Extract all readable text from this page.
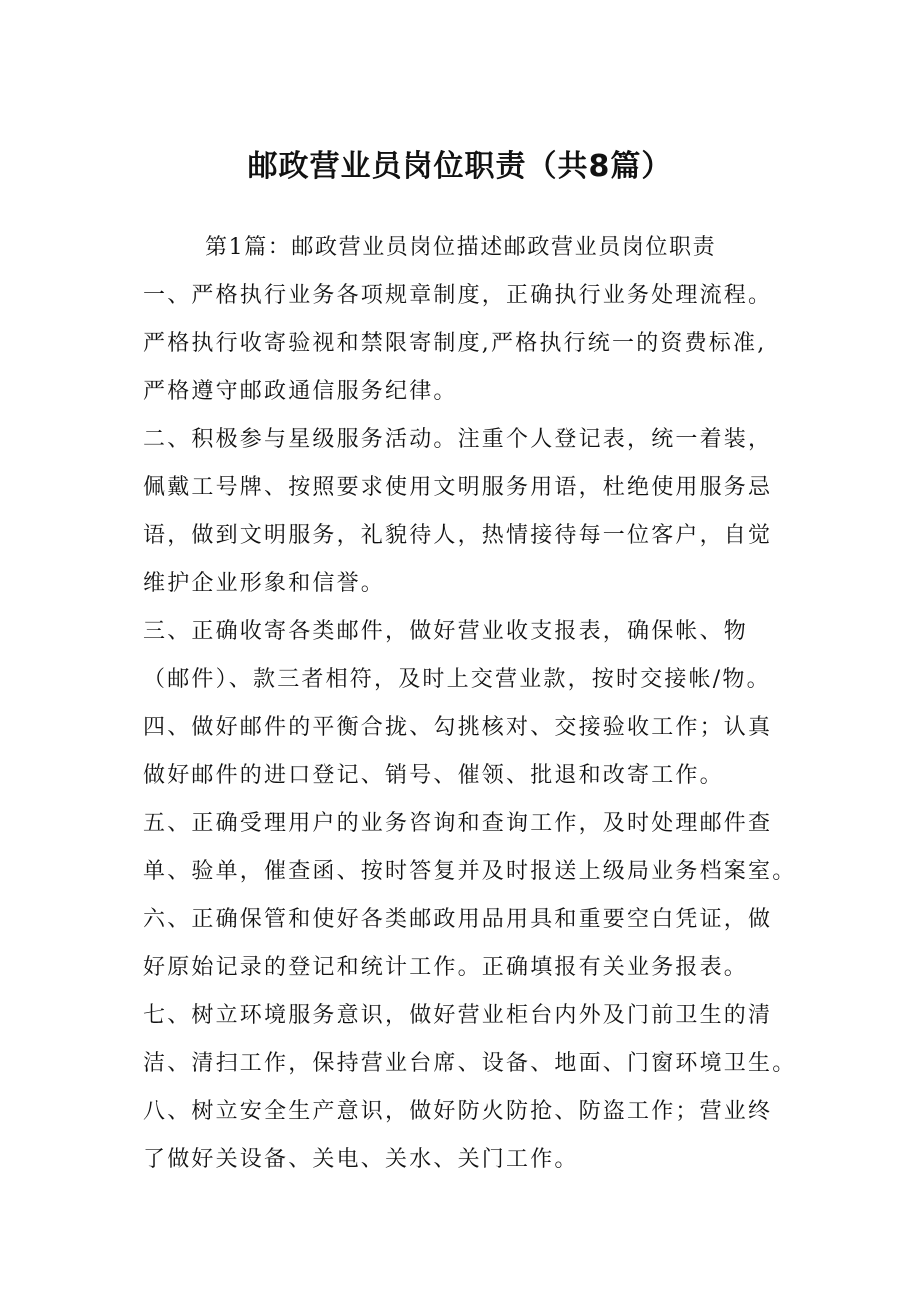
邮政营业员岗位职责（共8篇）
第1篇：邮政营业员岗位描述邮政营业员岗位职责
一、严格执行业务各项规章制度，正确执行业务处理流程。
严格执行收寄验视和禁限寄制度,严格执行统一的资费标准,
严格遵守邮政通信服务纪律。
二、积极参与星级服务活动。注重个人登记表，统一着装，
佩戴工号牌、按照要求使用文明服务用语，杜绝使用服务忌
语，做到文明服务，礼貌待人，热情接待每一位客户，自觉
维护企业形象和信誉。
三、正确收寄各类邮件，做好营业收支报表，确保帐、物
（邮件）、款三者相符，及时上交营业款，按时交接帐/物。
四、做好邮件的平衡合拢、勾挑核对、交接验收工作；认真
做好邮件的进口登记、销号、催领、批退和改寄工作。
五、正确受理用户的业务咨询和查询工作，及时处理邮件查
单、验单，催查函、按时答复并及时报送上级局业务档案室。
六、正确保管和使好各类邮政用品用具和重要空白凭证，做
好原始记录的登记和统计工作。正确填报有关业务报表。
七、树立环境服务意识，做好营业柜台内外及门前卫生的清
洁、清扫工作，保持营业台席、设备、地面、门窗环境卫生。
八、树立安全生产意识，做好防火防抢、防盗工作；营业终
了做好关设备、关电、关水、关门工作。
